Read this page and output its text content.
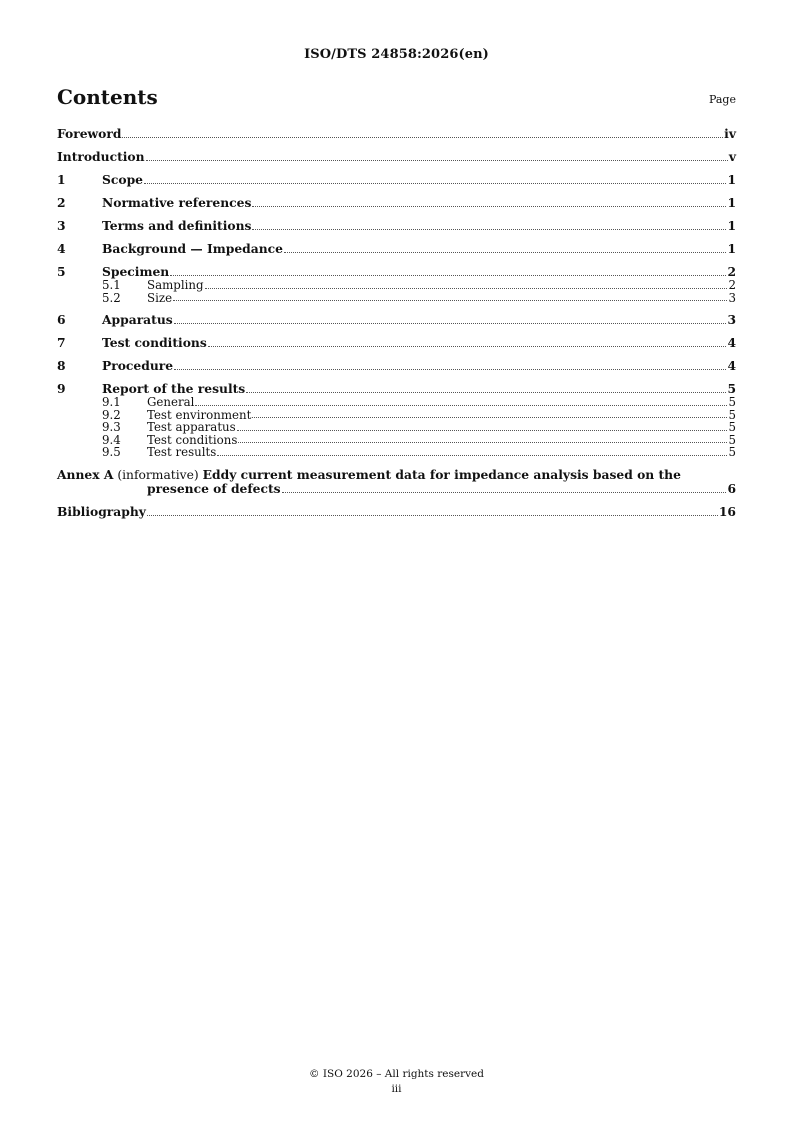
ISO/DTS 24858:2026(en)
Contents	Page
Foreword	iv
Introduction	v
1	Scope	1
2	Normative references	1
3	Terms and definitions	1
4	Background — Impedance	1
5	Specimen	2
5.1	Sampling	2
5.2	Size	3
6	Apparatus	3
7	Test conditions	4
8	Procedure	4
9	Report of the results	5
9.1	General	5
9.2	Test environment	5
9.3	Test apparatus	5
9.4	Test conditions	5
9.5	Test results	5
Annex A (informative) Eddy current measurement data for impedance analysis based on the
presence of defects	6
Bibliography	16
© ISO 2026 – All rights reserved
iii
